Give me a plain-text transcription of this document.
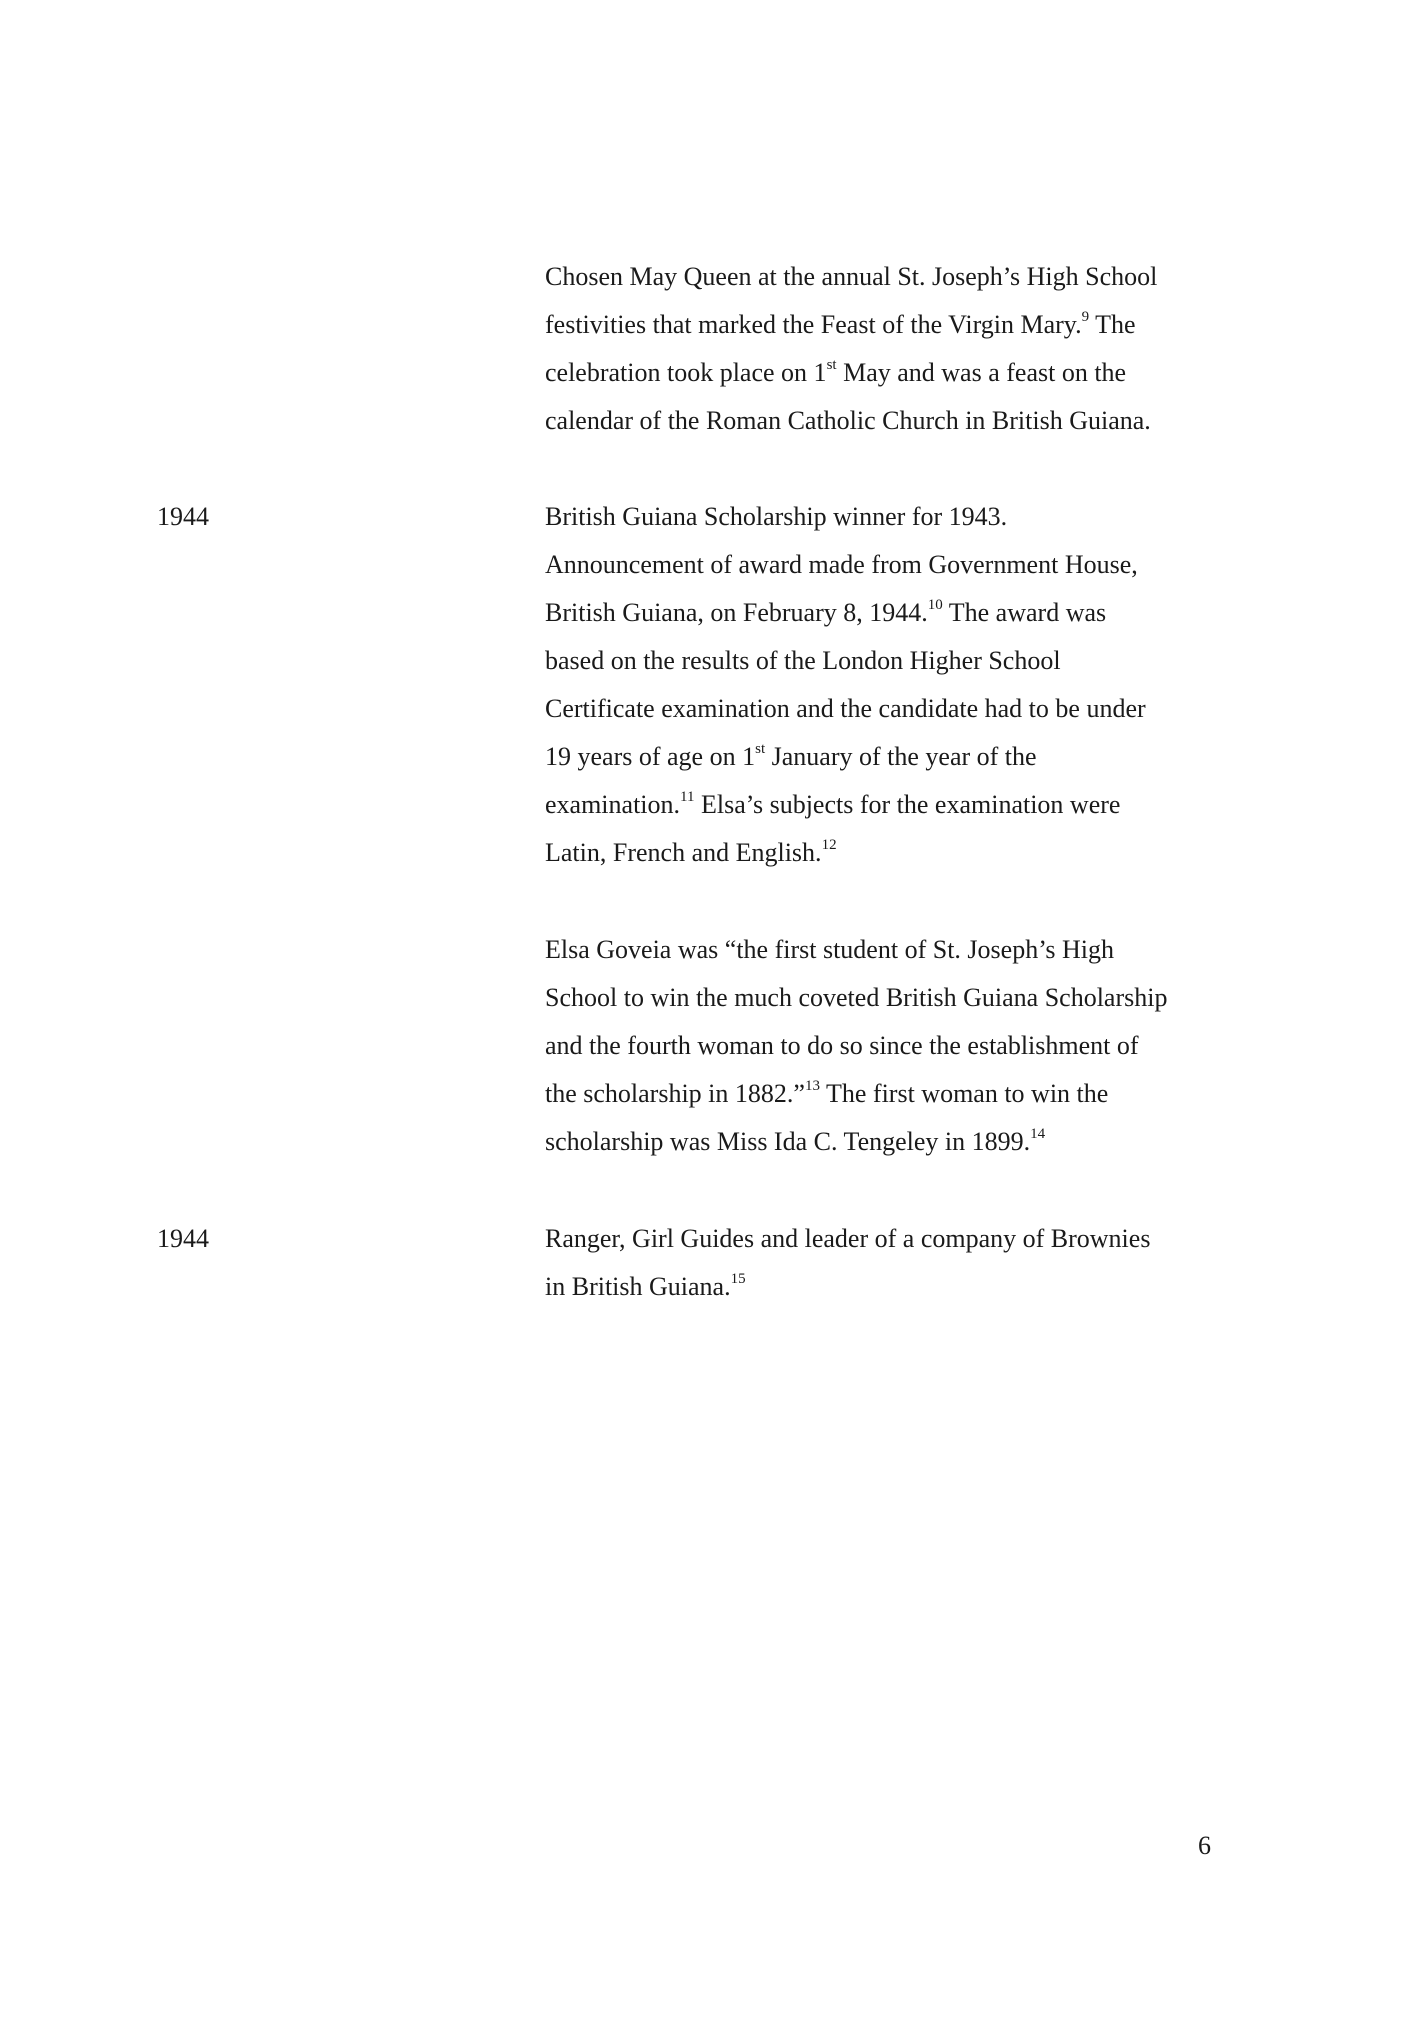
Chosen May Queen at the annual St. Joseph’s High School
festivities that marked the Feast of the Virgin Mary.$^9$ The
celebration took place on 1st May and was a feast on the
calendar of the Roman Catholic Church in British Guiana.
1944	British Guiana Scholarship winner for 1943.
Announcement of award made from Government House,
British Guiana, on February 8, 1944.10 The award was
based on the results of the London Higher School
Certificate examination and the candidate had to be under
19 years of age on 1st January of the year of the
examination.$^{11}$ Elsa’s subjects for the examination were
Latin, French and English.$^{12}$
Elsa Goveia was “the first student of St. Joseph’s High
School to win the much coveted British Guiana Scholarship
and the fourth woman to do so since the establishment of
the scholarship in 1882.”$^{13}$ The first woman to win the
scholarship was Miss Ida C. Tengeley in 1899.14
1944	Ranger, Girl Guides and leader of a company of Brownies
in British Guiana.$^{15}$
6
